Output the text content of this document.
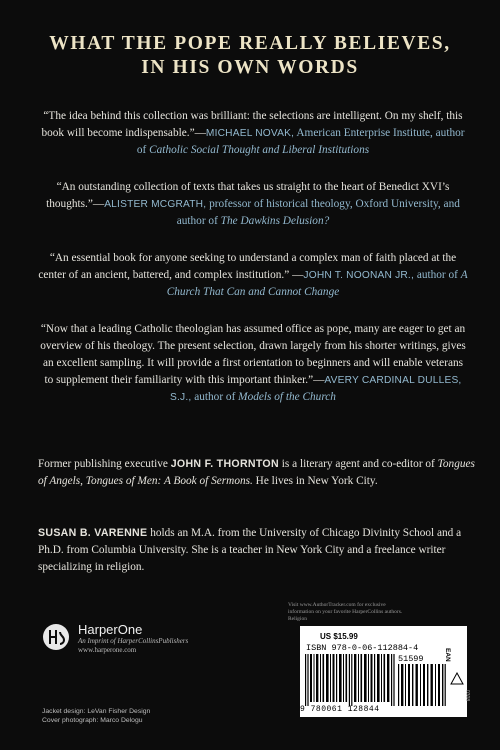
WHAT THE POPE REALLY BELIEVES,
IN HIS OWN WORDS
“The idea behind this collection was brilliant: the selections are intelligent. On my shelf, this book will become indispensable.”—MICHAEL NOVAK, American Enterprise Institute, author of Catholic Social Thought and Liberal Institutions
“An outstanding collection of texts that takes us straight to the heart of Benedict XVI’s thoughts.”—ALISTER MCGRATH, professor of historical theology, Oxford University, and author of The Dawkins Delusion?
“An essential book for anyone seeking to understand a complex man of faith placed at the center of an ancient, battered, and complex institution.” —JOHN T. NOONAN JR., author of A Church That Can and Cannot Change
“Now that a leading Catholic theologian has assumed office as pope, many are eager to get an overview of his theology. The present selection, drawn largely from his shorter writings, gives an excellent sampling. It will provide a first orientation to beginners and will enable veterans to supplement their familiarity with this important thinker.”—AVERY CARDINAL DULLES, S.J., author of Models of the Church
Former publishing executive JOHN F. THORNTON is a literary agent and co-editor of Tongues of Angels, Tongues of Men: A Book of Sermons. He lives in New York City.
SUSAN B. VARENNE holds an M.A. from the University of Chicago Divinity School and a Ph.D. from Columbia University. She is a teacher in New York City and a freelance writer specializing in religion.
HarperOne
An Imprint of HarperCollinsPublishers
www.harperone.com
Visit www.AuthorTracker.com for exclusive
information on your favorite HarperCollins authors.
Religion
US $15.99
ISBN 978-0-06-112884-4
51599	EAN
0308
9 780061 128844
Jacket design: LeVan Fisher Design
Cover photograph: Marco Delogu
